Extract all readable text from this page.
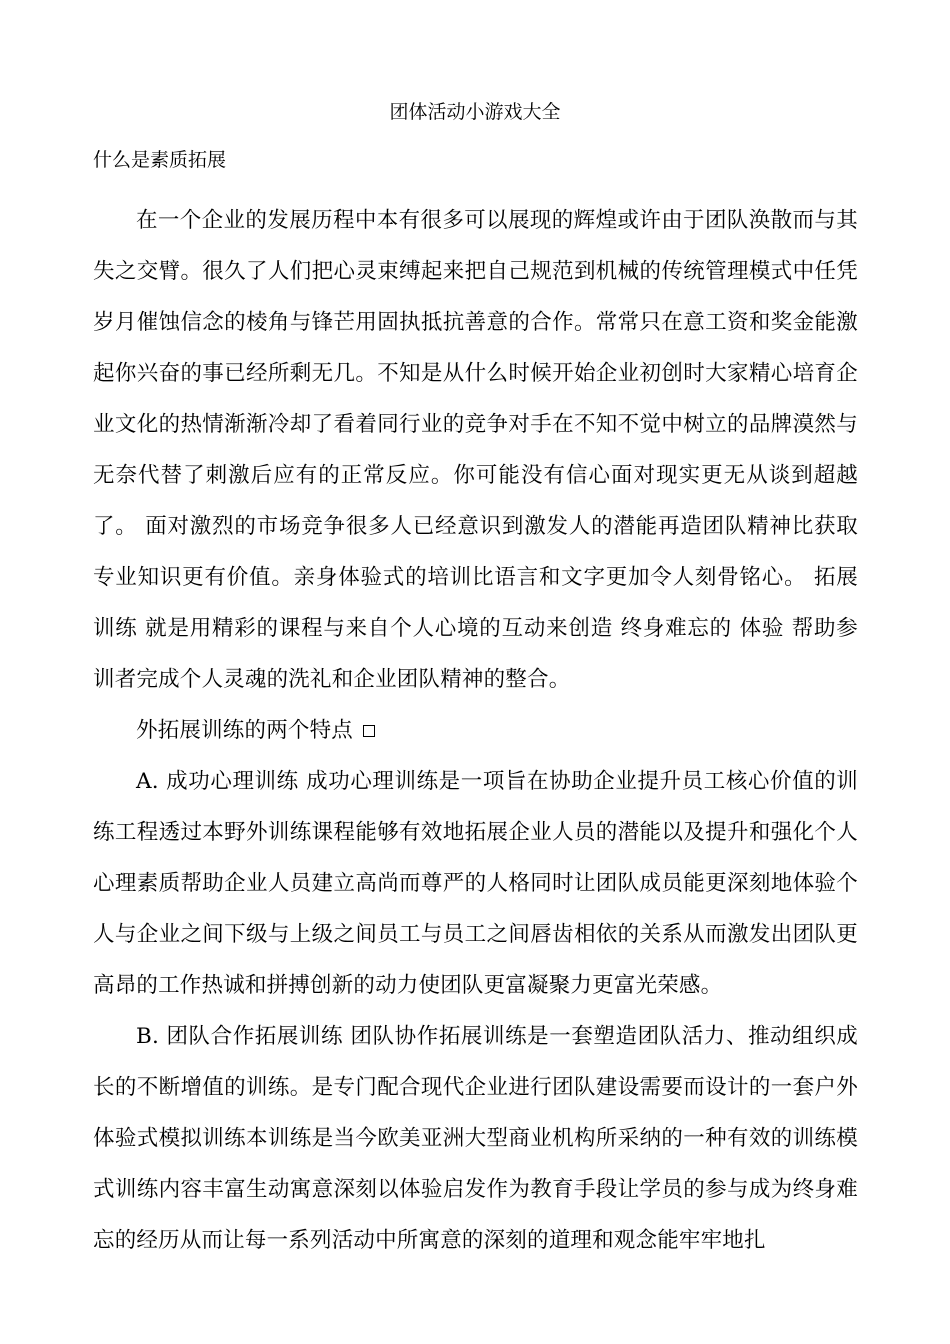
团体活动小游戏大全
什么是素质拓展

在一个企业的发展历程中本有很多可以展现的辉煌或许由于团队涣散而与其失之交臂。很久了人们把心灵束缚起来把自己规范到机械的传统管理模式中任凭岁月催蚀信念的棱角与锋芒用固执抵抗善意的合作。常常只在意工资和奖金能激起你兴奋的事已经所剩无几。不知是从什么时候开始企业初创时大家精心培育企业文化的热情渐渐冷却了看着同行业的竞争对手在不知不觉中树立的品牌漠然与无奈代替了刺激后应有的正常反应。你可能没有信心面对现实更无从谈到超越了。 面对激烈的市场竞争很多人已经意识到激发人的潜能再造团队精神比获取专业知识更有价值。亲身体验式的培训比语言和文字更加令人刻骨铭心。 拓展训练 就是用精彩的课程与来自个人心境的互动来创造 终身难忘的 体验 帮助参训者完成个人灵魂的洗礼和企业团队精神的整合。

外拓展训练的两个特点

A. 成功心理训练 成功心理训练是一项旨在协助企业提升员工核心价值的训练工程透过本野外训练课程能够有效地拓展企业人员的潜能以及提升和强化个人心理素质帮助企业人员建立高尚而尊严的人格同时让团队成员能更深刻地体验个人与企业之间下级与上级之间员工与员工之间唇齿相依的关系从而激发出团队更高昂的工作热诚和拼搏创新的动力使团队更富凝聚力更富光荣感。

B. 团队合作拓展训练 团队协作拓展训练是一套塑造团队活力、推动组织成长的不断增值的训练。是专门配合现代企业进行团队建设需要而设计的一套户外体验式模拟训练本训练是当今欧美亚洲大型商业机构所采纳的一种有效的训练模式训练内容丰富生动寓意深刻以体验启发作为教育手段让学员的参与成为终身难忘的经历从而让每一系列活动中所寓意的深刻的道理和观念能牢牢地扎
